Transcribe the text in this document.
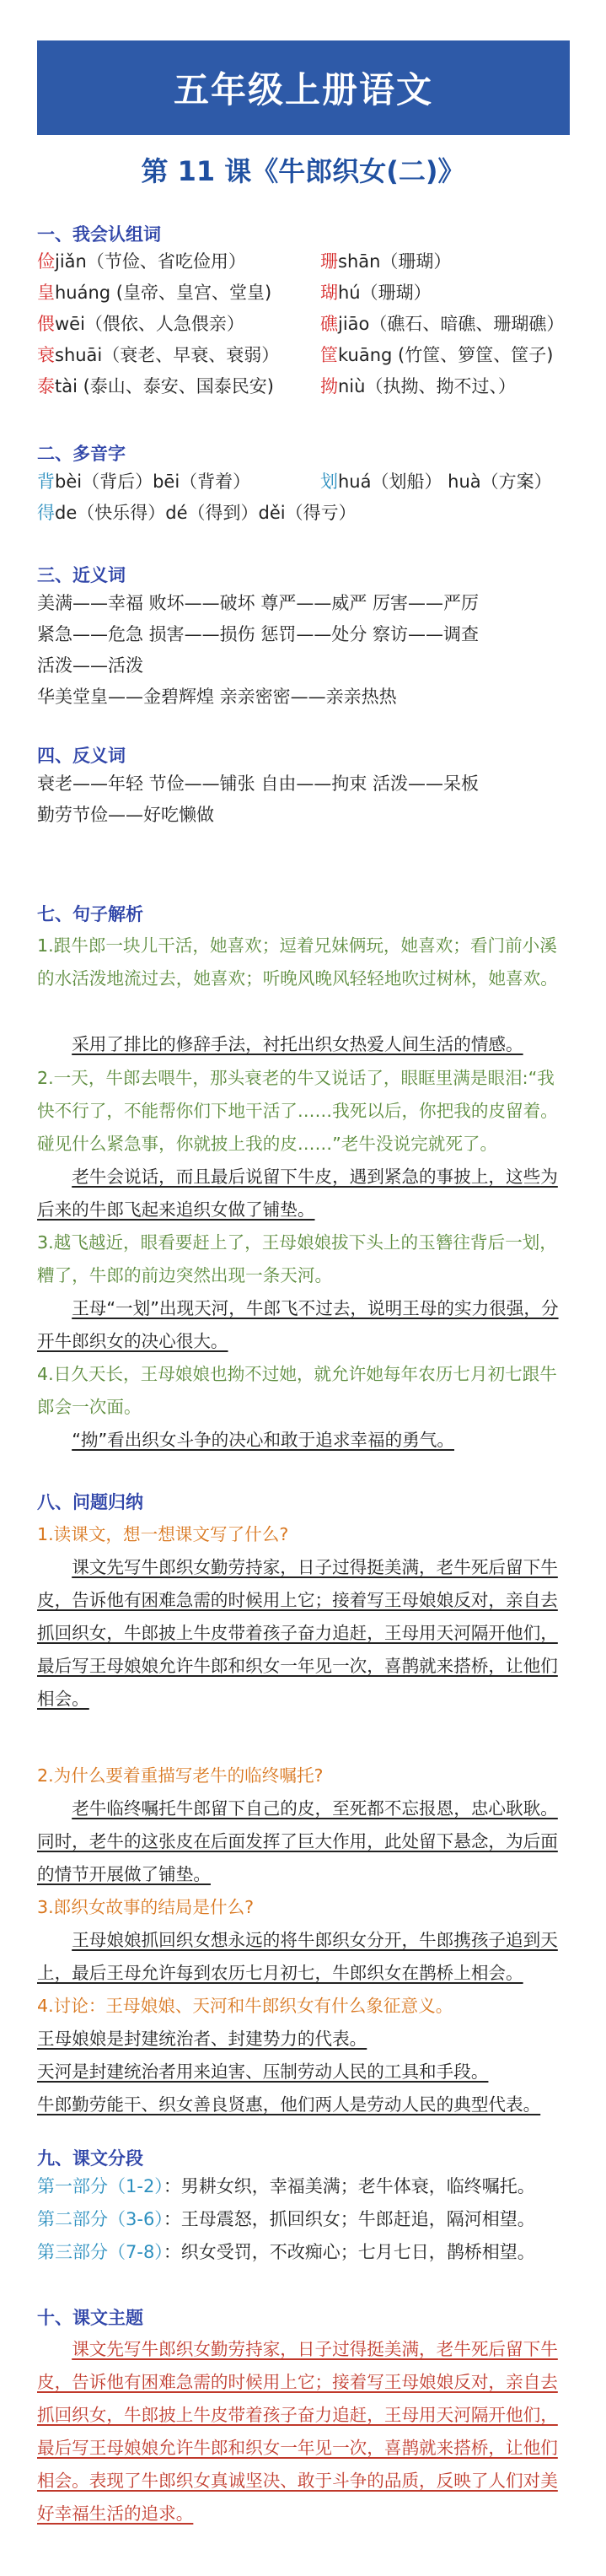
五年级上册语文
第 11 课《牛郎织女(二)》
一、我会认组词
俭jiǎn（节俭、省吃俭用）
皇huáng (皇帝、皇宫、堂皇)
偎wēi（偎依、人急偎亲）
衰shuāi（衰老、早衰、衰弱）
泰tài (泰山、泰安、国泰民安)
珊shān（珊瑚）
瑚hú（珊瑚）
礁jiāo（礁石、暗礁、珊瑚礁）
筐kuāng (竹筐、箩筐、筐子)
拗niù（执拗、拗不过、）
二、多音字
背bèi（背后）bēi（背着）	划huá（划船） huà（方案）
得de（快乐得）dé（得到）děi（得亏）
三、近义词
美满——幸福 败坏——破坏 尊严——威严 厉害——严厉
紧急——危急 损害——损伤 惩罚——处分 察访——调查
活泼——活泼
华美堂皇——金碧辉煌 亲亲密密——亲亲热热
四、反义词
衰老——年轻 节俭——铺张 自由——拘束 活泼——呆板
勤劳节俭——好吃懒做
七、句子解析
1.跟牛郎一块儿干活，她喜欢；逗着兄妹俩玩，她喜欢；看门前小溪的水活泼地流过去，她喜欢；听晚风晚风轻轻地吹过树林，她喜欢。
采用了排比的修辞手法，衬托出织女热爱人间生活的情感。
2.一天，牛郎去喂牛，那头衰老的牛又说话了，眼眶里满是眼泪:“我快不行了，不能帮你们下地干活了……我死以后，你把我的皮留着。碰见什么紧急事，你就披上我的皮……”老牛没说完就死了。
老牛会说话，而且最后说留下牛皮，遇到紧急的事披上，这些为后来的牛郎飞起来追织女做了铺垫。
3.越飞越近，眼看要赶上了，王母娘娘拔下头上的玉簪往背后一划，糟了，牛郎的前边突然出现一条天河。
王母“一划”出现天河，牛郎飞不过去，说明王母的实力很强，分开牛郎织女的决心很大。
4.日久天长，王母娘娘也拗不过她，就允许她每年农历七月初七跟牛郎会一次面。
“拗”看出织女斗争的决心和敢于追求幸福的勇气。
八、问题归纳
1.读课文，想一想课文写了什么?
课文先写牛郎织女勤劳持家，日子过得挺美满，老牛死后留下牛皮，告诉他有困难急需的时候用上它；接着写王母娘娘反对，亲自去抓回织女，牛郎披上牛皮带着孩子奋力追赶，王母用天河隔开他们，最后写王母娘娘允许牛郎和织女一年见一次，喜鹊就来搭桥，让他们相会。
2.为什么要着重描写老牛的临终嘱托?
老牛临终嘱托牛郎留下自己的皮，至死都不忘报恩，忠心耿耿。同时，老牛的这张皮在后面发挥了巨大作用，此处留下悬念，为后面的情节开展做了铺垫。
3.郎织女故事的结局是什么?
王母娘娘抓回织女想永远的将牛郎织女分开，牛郎携孩子追到天上，最后王母允许每到农历七月初七，牛郎织女在鹊桥上相会。
4.讨论：王母娘娘、天河和牛郎织女有什么象征意义。
王母娘娘是封建统治者、封建势力的代表。
天河是封建统治者用来迫害、压制劳动人民的工具和手段。
牛郎勤劳能干、织女善良贤惠，他们两人是劳动人民的典型代表。
九、课文分段
第一部分（1-2）：男耕女织，幸福美满；老牛体衰，临终嘱托。
第二部分（3-6）：王母震怒，抓回织女；牛郎赶追，隔河相望。
第三部分（7-8）：织女受罚，不改痴心；七月七日，鹊桥相望。
十、课文主题
课文先写牛郎织女勤劳持家，日子过得挺美满，老牛死后留下牛皮，告诉他有困难急需的时候用上它；接着写王母娘娘反对，亲自去抓回织女，牛郎披上牛皮带着孩子奋力追赶，王母用天河隔开他们，最后写王母娘娘允许牛郎和织女一年见一次，喜鹊就来搭桥，让他们相会。表现了牛郎织女真诚坚决、敢于斗争的品质，反映了人们对美好幸福生活的追求。
